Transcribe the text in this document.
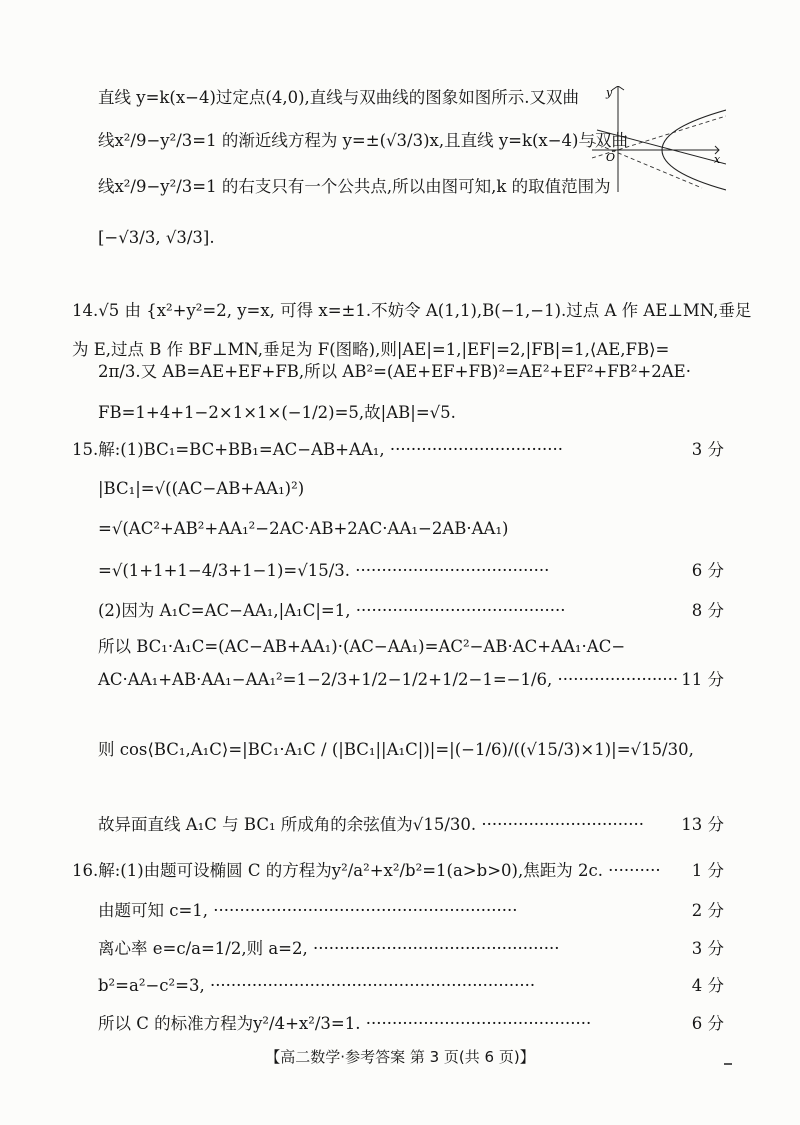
直线 y=k(x−4)过定点(4,0),直线与双曲线的图象如图所示.又双曲
线x²/9−y²/3=1 的渐近线方程为 y=±(√3/3)x,且直线 y=k(x−4)与双曲
线x²/9−y²/3=1 的右支只有一个公共点,所以由图可知,k 的取值范围为
[−√3/3, √3/3].
14.√5 由 {x²+y²=2, y=x, 可得 x=±1.不妨令 A(1,1),B(−1,−1).过点 A 作 AE⊥MN,垂足
为 E,过点 B 作 BF⊥MN,垂足为 F(图略),则|AE|=1,|EF|=2,|FB|=1,⟨AE,FB⟩=
2π/3.又 AB=AE+EF+FB,所以 AB²=(AE+EF+FB)²=AE²+EF²+FB²+2AE·
FB=1+4+1−2×1×1×(−1/2)=5,故|AB|=√5.
15.解:(1)BC₁=BC+BB₁=AC−AB+AA₁, ·································	3 分
|BC₁|=√((AC−AB+AA₁)²)
=√(AC²+AB²+AA₁²−2AC·AB+2AC·AA₁−2AB·AA₁)
=√(1+1+1−4/3+1−1)=√15/3. ·····································	6 分
(2)因为 A₁C=AC−AA₁,|A₁C|=1, ········································	8 分
所以 BC₁·A₁C=(AC−AB+AA₁)·(AC−AA₁)=AC²−AB·AC+AA₁·AC−
AC·AA₁+AB·AA₁−AA₁²=1−2/3+1/2−1/2+1/2−1=−1/6, ······················· 11 分
则 cos⟨BC₁,A₁C⟩=|BC₁·A₁C / (|BC₁||A₁C|)|=|(−1/6)/((√15/3)×1)|=√15/30,
故异面直线 A₁C 与 BC₁ 所成角的余弦值为√15/30. ······························· 13 分
16.解:(1)由题可设椭圆 C 的方程为y²/a²+x²/b²=1(a>b>0),焦距为 2c. ·········· 1 分
由题可知 c=1, ··························································	2 分
离心率 e=c/a=1/2,则 a=2, ···············································	3 分
b²=a²−c²=3, ······························································	4 分
所以 C 的标准方程为y²/4+x²/3=1. ···········································	6 分
y
x
O
【高二数学·参考答案 第 3 页(共 6 页)】
